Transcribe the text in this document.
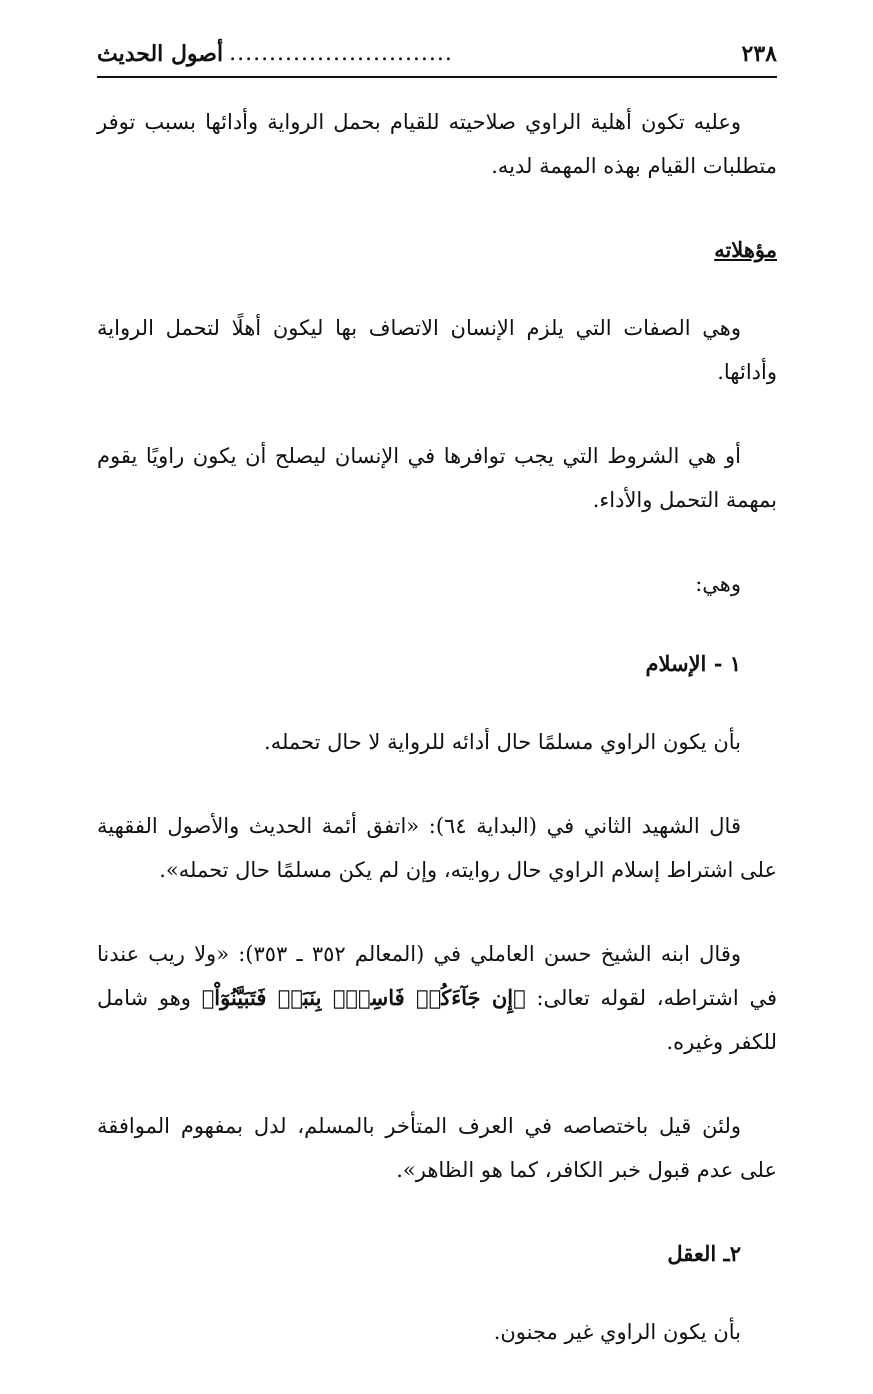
أصول الحديث ............................	٢٣٨

وعليه تكون أهلية الراوي صلاحيته للقيام بحمل الرواية وأدائها بسبب توفر متطلبات القيام بهذه المهمة لديه.

مؤهلاته

وهي الصفات التي يلزم الإنسان الاتصاف بها ليكون أهلًا لتحمل الرواية وأدائها.

أو هي الشروط التي يجب توافرها في الإنسان ليصلح أن يكون راويًا يقوم بمهمة التحمل والأداء.

وهي:

١ - الإسلام

بأن يكون الراوي مسلمًا حال أدائه للرواية لا حال تحمله.

قال الشهيد الثاني في (البداية ٦٤): «اتفق أئمة الحديث والأصول الفقهية على اشتراط إسلام الراوي حال روايته، وإن لم يكن مسلمًا حال تحمله».

وقال ابنه الشيخ حسن العاملي في (المعالم ٣٥٢ ـ ٣٥٣): «ولا ريب عندنا في اشتراطه، لقوله تعالى: ﴿إِن جَآءَكُمۡ فَاسِقُۢ بِنَبَإٖ فَتَبَيَّنُوٓاْ﴾ وهو شامل للكفر وغيره.

ولئن قيل باختصاصه في العرف المتأخر بالمسلم، لدل بمفهوم الموافقة على عدم قبول خبر الكافر، كما هو الظاهر».

٢ـ العقل

بأن يكون الراوي غير مجنون.
